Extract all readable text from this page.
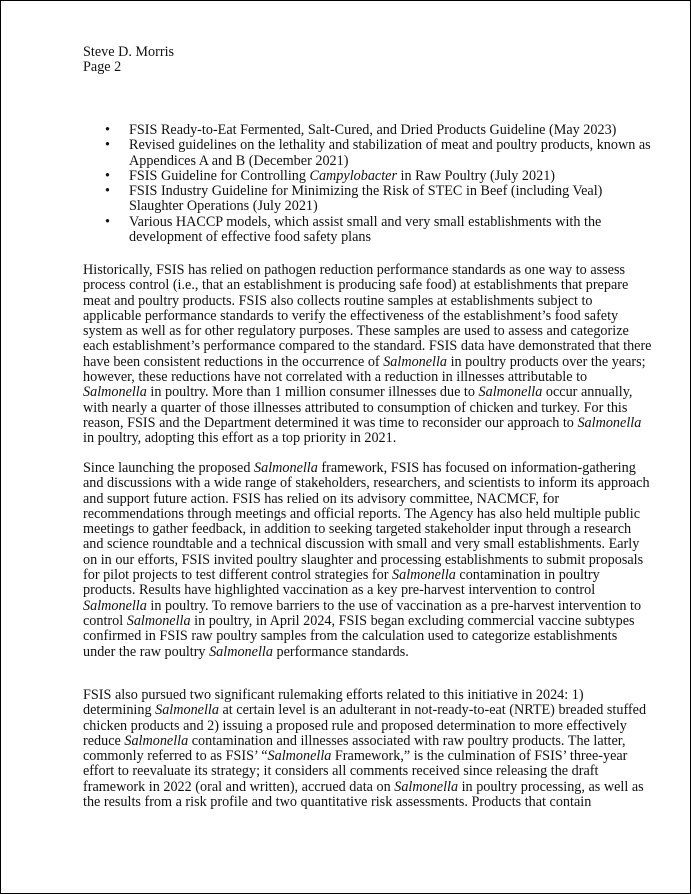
Steve D. Morris
Page 2
• FSIS Ready-to-Eat Fermented, Salt-Cured, and Dried Products Guideline (May 2023)
• Revised guidelines on the lethality and stabilization of meat and poultry products, known as
Appendices A and B (December 2021)
• FSIS Guideline for Controlling Campylobacter in Raw Poultry (July 2021)
• FSIS Industry Guideline for Minimizing the Risk of STEC in Beef (including Veal)
Slaughter Operations (July 2021)
• Various HACCP models, which assist small and very small establishments with the
development of effective food safety plans

Historically, FSIS has relied on pathogen reduction performance standards as one way to assess
process control (i.e., that an establishment is producing safe food) at establishments that prepare
meat and poultry products. FSIS also collects routine samples at establishments subject to
applicable performance standards to verify the effectiveness of the establishment’s food safety
system as well as for other regulatory purposes. These samples are used to assess and categorize
each establishment’s performance compared to the standard. FSIS data have demonstrated that there
have been consistent reductions in the occurrence of Salmonella in poultry products over the years;
however, these reductions have not correlated with a reduction in illnesses attributable to
Salmonella in poultry. More than 1 million consumer illnesses due to Salmonella occur annually,
with nearly a quarter of those illnesses attributed to consumption of chicken and turkey. For this
reason, FSIS and the Department determined it was time to reconsider our approach to Salmonella
in poultry, adopting this effort as a top priority in 2021.

Since launching the proposed Salmonella framework, FSIS has focused on information-gathering
and discussions with a wide range of stakeholders, researchers, and scientists to inform its approach
and support future action. FSIS has relied on its advisory committee, NACMCF, for
recommendations through meetings and official reports. The Agency has also held multiple public
meetings to gather feedback, in addition to seeking targeted stakeholder input through a research
and science roundtable and a technical discussion with small and very small establishments. Early
on in our efforts, FSIS invited poultry slaughter and processing establishments to submit proposals
for pilot projects to test different control strategies for Salmonella contamination in poultry
products. Results have highlighted vaccination as a key pre-harvest intervention to control
Salmonella in poultry. To remove barriers to the use of vaccination as a pre-harvest intervention to
control Salmonella in poultry, in April 2024, FSIS began excluding commercial vaccine subtypes
confirmed in FSIS raw poultry samples from the calculation used to categorize establishments
under the raw poultry Salmonella performance standards.

FSIS also pursued two significant rulemaking efforts related to this initiative in 2024: 1)
determining Salmonella at certain level is an adulterant in not-ready-to-eat (NRTE) breaded stuffed
chicken products and 2) issuing a proposed rule and proposed determination to more effectively
reduce Salmonella contamination and illnesses associated with raw poultry products. The latter,
commonly referred to as FSIS’ “Salmonella Framework,” is the culmination of FSIS’ three-year
effort to reevaluate its strategy; it considers all comments received since releasing the draft
framework in 2022 (oral and written), accrued data on Salmonella in poultry processing, as well as
the results from a risk profile and two quantitative risk assessments. Products that contain
